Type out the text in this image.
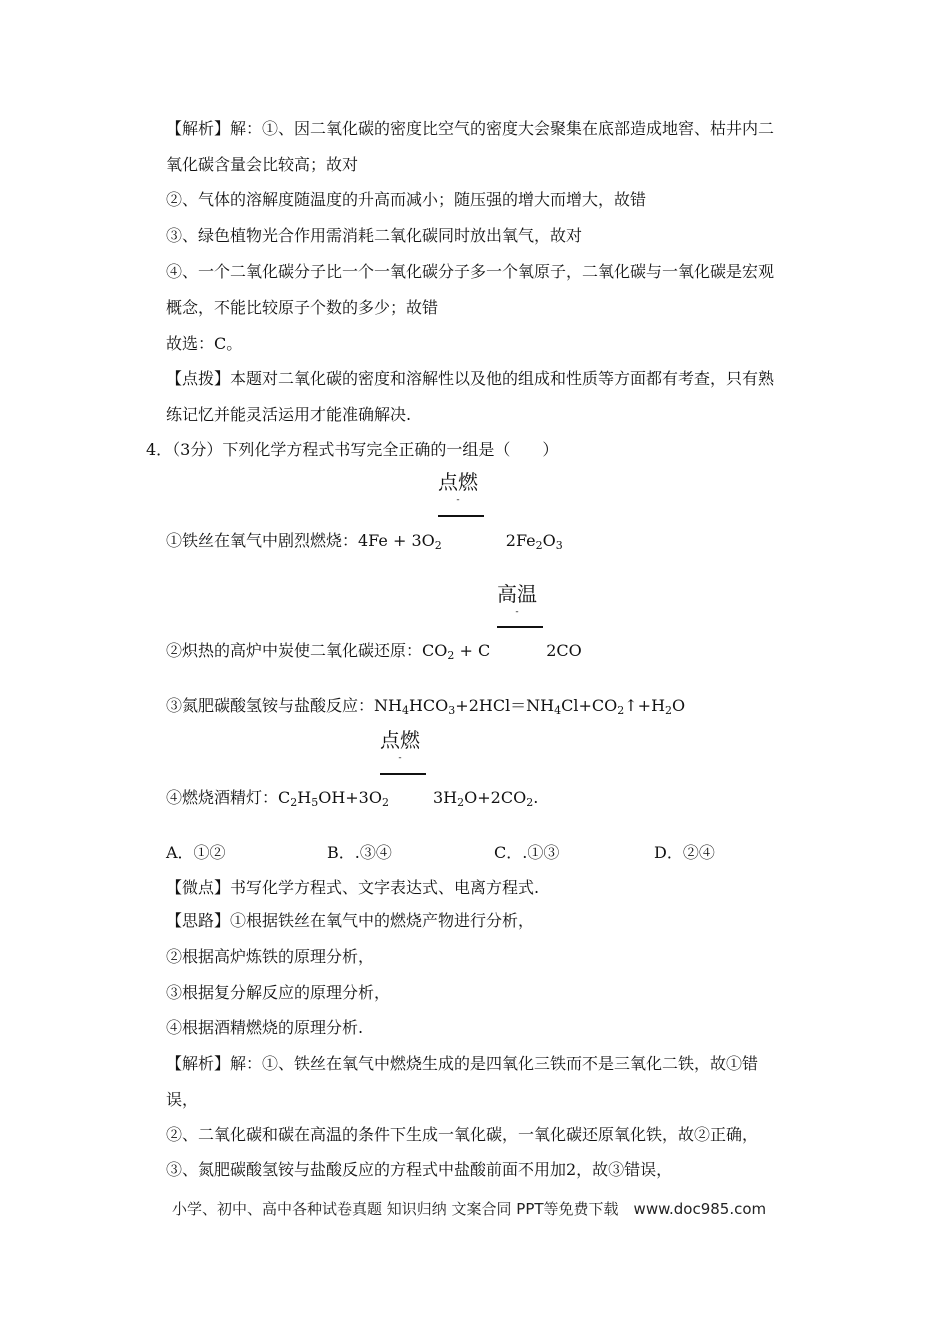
【解析】解：①、因二氧化碳的密度比空气的密度大会聚集在底部造成地窖、枯井内二
氧化碳含量会比较高；故对
②、气体的溶解度随温度的升高而减小；随压强的增大而增大，故错
③、绿色植物光合作用需消耗二氧化碳同时放出氧气，故对
④、一个二氧化碳分子比一个一氧化碳分子多一个氧原子，二氧化碳与一氧化碳是宏观
概念，不能比较原子个数的多少；故错
故选：C。
【点拨】本题对二氧化碳的密度和溶解性以及他的组成和性质等方面都有考查，只有熟
练记忆并能灵活运用才能准确解决.
4．（3分）下列化学方程式书写完全正确的一组是（　　）
点燃
-
①铁丝在氧气中剧烈燃烧：$4Fe + 3O_2$	$2Fe_2O_3$
高温
-
②炽热的高炉中炭使二氧化碳还原：$CO_2 + C$	2CO
③氮肥碳酸氢铵与盐酸反应：$NH_4HCO_3+2HCl=NH_4Cl+CO_2↑+H_2O$
点燃
-
④燃烧酒精灯：$C_2H_5OH+3O_2$	$3H_2O+2CO_2$.
A．①②	B．.③④	C．.①③	D．②④
【微点】书写化学方程式、文字表达式、电离方程式.
【思路】①根据铁丝在氧气中的燃烧产物进行分析，
②根据高炉炼铁的原理分析，
③根据复分解反应的原理分析，
④根据酒精燃烧的原理分析.
【解析】解：①、铁丝在氧气中燃烧生成的是四氧化三铁而不是三氧化二铁，故①错
误，
②、二氧化碳和碳在高温的条件下生成一氧化碳，一氧化碳还原氧化铁，故②正确，
③、氮肥碳酸氢铵与盐酸反应的方程式中盐酸前面不用加2，故③错误，
小学、初中、高中各种试卷真题 知识归纳 文案合同 PPT等免费下载　www.doc985.com
